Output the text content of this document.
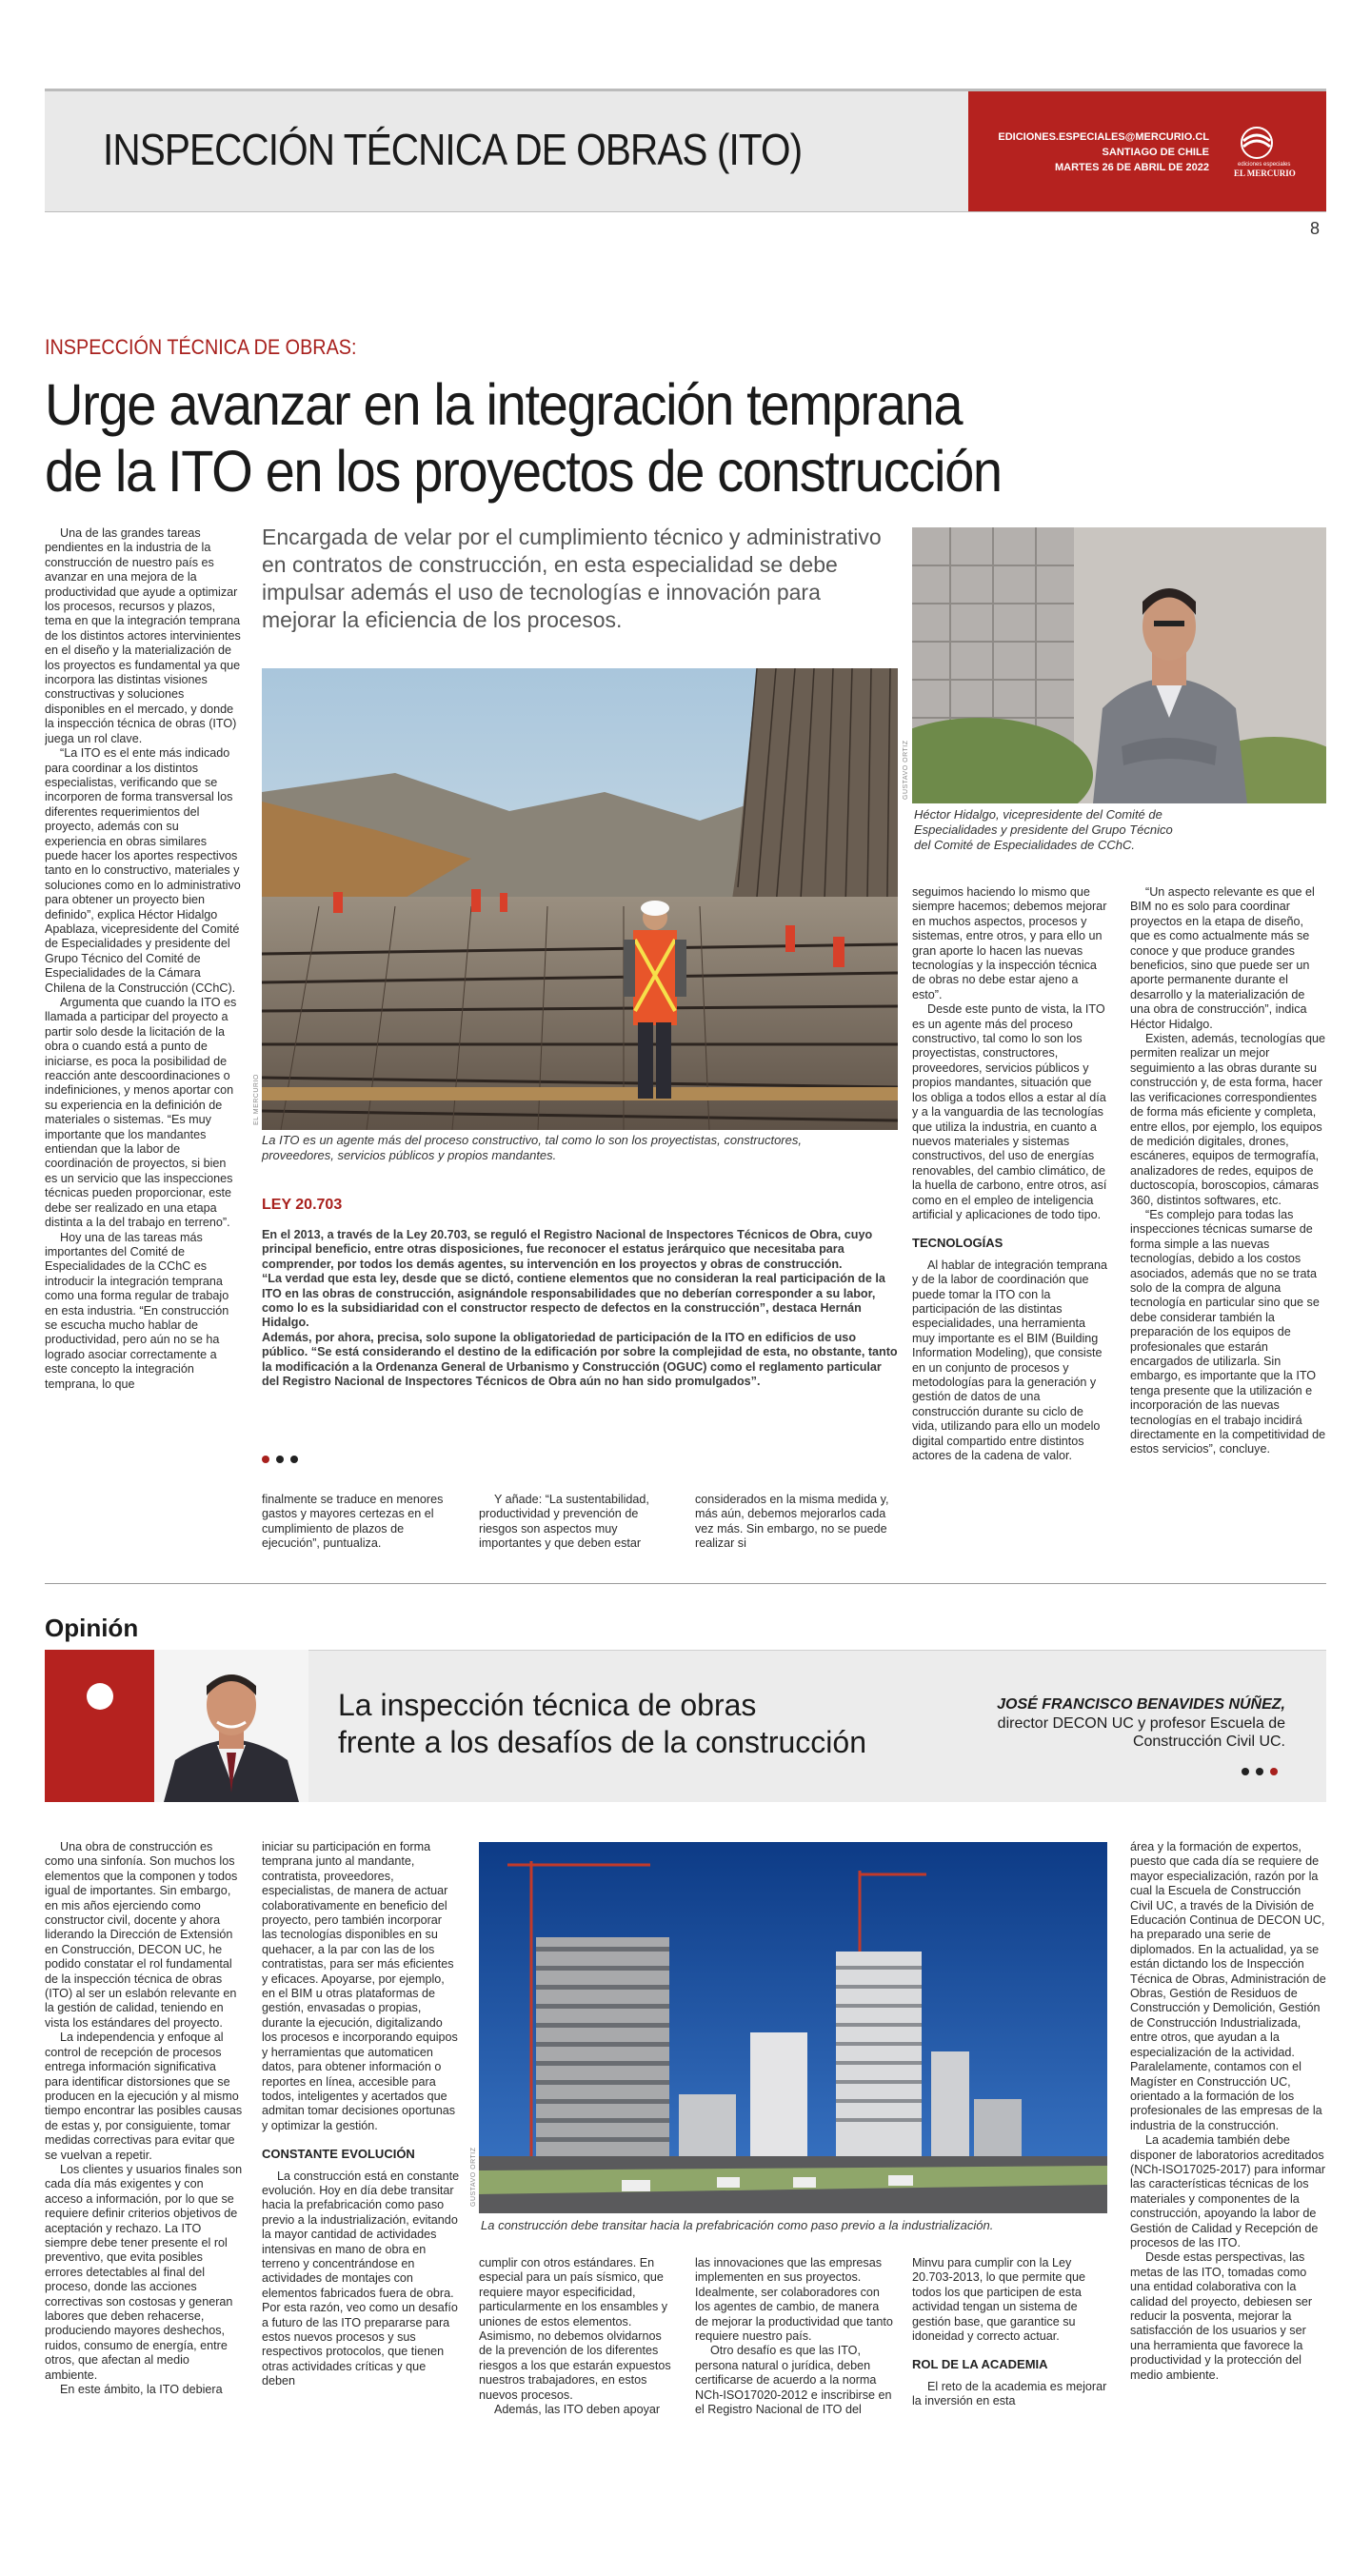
INSPECCIÓN TÉCNICA DE OBRAS (ITO)	EDICIONES.ESPECIALES@MERCURIO.CL
SANTIAGO DE CHILE
MARTES 26 DE ABRIL DE 2022	ediciones especiales
EL MERCURIO
8
INSPECCIÓN TÉCNICA DE OBRAS:
Urge avanzar en la integración temprana
de la ITO en los proyectos de construcción

Una de las grandes tareas pendientes en la industria de la construcción de nuestro país es avanzar en una mejora de la productividad que ayude a optimizar los procesos, recursos y plazos, tema en que la integración temprana de los distintos actores intervinientes en el diseño y la materialización de los proyectos es fundamental ya que incorpora las distintas visiones constructivas y soluciones disponibles en el mercado, y donde la inspección técnica de obras (ITO) juega un rol clave.

“La ITO es el ente más indicado para coordinar a los distintos especialistas, verificando que se incorporen de forma transversal los diferentes requerimientos del proyecto, además con su experiencia en obras similares puede hacer los aportes respectivos tanto en lo constructivo, materiales y soluciones como en lo administrativo para obtener un proyecto bien definido”, explica Héctor Hidalgo Apablaza, vicepresidente del Comité de Especialidades y presidente del Grupo Técnico del Comité de Especialidades de la Cámara Chilena de la Construcción (CChC).

Argumenta que cuando la ITO es llamada a participar del proyecto a partir solo desde la licitación de la obra o cuando está a punto de iniciarse, es poca la posibilidad de reacción ante descoordinaciones o indefiniciones, y menos aportar con su experiencia en la definición de materiales o sistemas. “Es muy importante que los mandantes entiendan que la labor de coordinación de proyectos, si bien es un servicio que las inspecciones técnicas pueden proporcionar, este debe ser realizado en una etapa distinta a la del trabajo en terreno”.

Hoy una de las tareas más importantes del Comité de Especialidades de la CChC es introducir la integración temprana como una forma regular de trabajo en esta industria. “En construcción se escucha mucho hablar de productividad, pero aún no se ha logrado asociar correctamente a este concepto la integración temprana, lo que

Encargada de velar por el cumplimiento técnico y administrativo en contratos de construcción, en esta especialidad se debe impulsar además el uso de tecnologías e innovación para mejorar la eficiencia de los procesos.
EL MERCURIO
La ITO es un agente más del proceso constructivo, tal como lo son los proyectistas, constructores, proveedores, servicios públicos y propios mandantes.
GUSTAVO ORTIZ
Héctor Hidalgo, vicepresidente del Comité de Especialidades y presidente del Grupo Técnico del Comité de Especialidades de CChC.
LEY 20.703

En el 2013, a través de la Ley 20.703, se reguló el Registro Nacional de Inspectores Técnicos de Obra, cuyo principal beneficio, entre otras disposiciones, fue reconocer el estatus jerárquico que necesitaba para comprender, por todos los demás agentes, su intervención en los proyectos y obras de construcción.

“La verdad que esta ley, desde que se dictó, contiene elementos que no consideran la real participación de la ITO en las obras de construcción, asignándole responsabilidades que no deberían corresponder a su labor, como lo es la subsidiaridad con el constructor respecto de defectos en la construcción”, destaca Hernán Hidalgo.

Además, por ahora, precisa, solo supone la obligatoriedad de participación de la ITO en edificios de uso público. “Se está considerando el destino de la edificación por sobre la complejidad de esta, no obstante, tanto la modificación a la Ordenanza General de Urbanismo y Construcción (OGUC) como el reglamento particular del Registro Nacional de Inspectores Técnicos de Obra aún no han sido promulgados”.

finalmente se traduce en menores gastos y mayores certezas en el cumplimiento de plazos de ejecución”, puntualiza.

Y añade: “La sustentabilidad, productividad y prevención de riesgos son aspectos muy importantes y que deben estar

considerados en la misma medida y, más aún, debemos mejorarlos cada vez más. Sin embargo, no se puede realizar si

seguimos haciendo lo mismo que siempre hacemos; debemos mejorar en muchos aspectos, procesos y sistemas, entre otros, y para ello un gran aporte lo hacen las nuevas tecnologías y la inspección técnica de obras no debe estar ajeno a esto”.

Desde este punto de vista, la ITO es un agente más del proceso constructivo, tal como lo son los proyectistas, constructores, proveedores, servicios públicos y propios mandantes, situación que los obliga a todos ellos a estar al día y a la vanguardia de las tecnologías que utiliza la industria, en cuanto a nuevos materiales y sistemas constructivos, del uso de energías renovables, del cambio climático, de la huella de carbono, entre otros, así como en el empleo de inteligencia artificial y aplicaciones de todo tipo.

TECNOLOGÍAS

Al hablar de integración temprana y de la labor de coordinación que puede tomar la ITO con la participación de las distintas especialidades, una herramienta muy importante es el BIM (Building Information Modeling), que consiste en un conjunto de procesos y metodologías para la generación y gestión de datos de una construcción durante su ciclo de vida, utilizando para ello un modelo digital compartido entre distintos actores de la cadena de valor.

“Un aspecto relevante es que el BIM no es solo para coordinar proyectos en la etapa de diseño, que es como actualmente más se conoce y que produce grandes beneficios, sino que puede ser un aporte permanente durante el desarrollo y la materialización de una obra de construcción”, indica Héctor Hidalgo.

Existen, además, tecnologías que permiten realizar un mejor seguimiento a las obras durante su construcción y, de esta forma, hacer las verificaciones correspondientes de forma más eficiente y completa, entre ellos, por ejemplo, los equipos de medición digitales, drones, escáneres, equipos de termografía, analizadores de redes, equipos de ductoscopía, boroscopios, cámaras 360, distintos softwares, etc.

“Es complejo para todas las inspecciones técnicas sumarse de forma simple a las nuevas tecnologías, debido a los costos asociados, además que no se trata solo de la compra de alguna tecnología en particular sino que se debe considerar también la preparación de los equipos de profesionales que estarán encargados de utilizarla. Sin embargo, es importante que la ITO tenga presente que la utilización e incorporación de las nuevas tecnologías en el trabajo incidirá directamente en la competitividad de estos servicios”, concluye.

Opinión
La inspección técnica de obras
frente a los desafíos de la construcción
JOSÉ FRANCISCO BENAVIDES NÚÑEZ,
director DECON UC y profesor Escuela de
Construcción Civil UC.

Una obra de construcción es como una sinfonía. Son muchos los elementos que la componen y todos igual de importantes. Sin embargo, en mis años ejerciendo como constructor civil, docente y ahora liderando la Dirección de Extensión en Construcción, DECON UC, he podido constatar el rol fundamental de la inspección técnica de obras (ITO) al ser un eslabón relevante en la gestión de calidad, teniendo en vista los estándares del proyecto.

La independencia y enfoque al control de recepción de procesos entrega información significativa para identificar distorsiones que se producen en la ejecución y al mismo tiempo encontrar las posibles causas de estas y, por consiguiente, tomar medidas correctivas para evitar que se vuelvan a repetir.

Los clientes y usuarios finales son cada día más exigentes y con acceso a información, por lo que se requiere definir criterios objetivos de aceptación y rechazo. La ITO siempre debe tener presente el rol preventivo, que evita posibles errores detectables al final del proceso, donde las acciones correctivas son costosas y generan labores que deben rehacerse, produciendo mayores deshechos, ruidos, consumo de energía, entre otros, que afectan al medio ambiente.

En este ámbito, la ITO debiera

iniciar su participación en forma temprana junto al mandante, contratista, proveedores, especialistas, de manera de actuar colaborativamente en beneficio del proyecto, pero también incorporar las tecnologías disponibles en su quehacer, a la par con las de los contratistas, para ser más eficientes y eficaces. Apoyarse, por ejemplo, en el BIM u otras plataformas de gestión, envasadas o propias, durante la ejecución, digitalizando los procesos e incorporando equipos y herramientas que automaticen datos, para obtener información o reportes en línea, accesible para todos, inteligentes y acertados que admitan tomar decisiones oportunas y optimizar la gestión.

CONSTANTE EVOLUCIÓN

La construcción está en constante evolución. Hoy en día debe transitar hacia la prefabricación como paso previo a la industrialización, evitando la mayor cantidad de actividades intensivas en mano de obra en terreno y concentrándose en actividades de montajes con elementos fabricados fuera de obra. Por esta razón, veo como un desafío a futuro de las ITO prepararse para estos nuevos procesos y sus respectivos protocolos, que tienen otras actividades críticas y que deben

GUSTAVO ORTIZ
La construcción debe transitar hacia la prefabricación como paso previo a la industrialización.

cumplir con otros estándares. En especial para un país sísmico, que requiere mayor especificidad, particularmente en los ensambles y uniones de estos elementos. Asimismo, no debemos olvidarnos de la prevención de los diferentes riesgos a los que estarán expuestos nuestros trabajadores, en estos nuevos procesos.

Además, las ITO deben apoyar

las innovaciones que las empresas implementen en sus proyectos. Idealmente, ser colaboradores con los agentes de cambio, de manera de mejorar la productividad que tanto requiere nuestro país.

Otro desafío es que las ITO, persona natural o jurídica, deben certificarse de acuerdo a la norma NCh-ISO17020-2012 e inscribirse en el Registro Nacional de ITO del

Minvu para cumplir con la Ley 20.703-2013, lo que permite que todos los que participen de esta actividad tengan un sistema de gestión base, que garantice su idoneidad y correcto actuar.

ROL DE LA ACADEMIA

El reto de la academia es mejorar la inversión en esta

área y la formación de expertos, puesto que cada día se requiere de mayor especialización, razón por la cual la Escuela de Construcción Civil UC, a través de la División de Educación Continua de DECON UC, ha preparado una serie de diplomados. En la actualidad, ya se están dictando los de Inspección Técnica de Obras, Administración de Obras, Gestión de Residuos de Construcción y Demolición, Gestión de Construcción Industrializada, entre otros, que ayudan a la especialización de la actividad. Paralelamente, contamos con el Magíster en Construcción UC, orientado a la formación de los profesionales de las empresas de la industria de la construcción.

La academia también debe disponer de laboratorios acreditados (NCh-ISO17025-2017) para informar las características técnicas de los materiales y componentes de la construcción, apoyando la labor de Gestión de Calidad y Recepción de procesos de las ITO.

Desde estas perspectivas, las metas de las ITO, tomadas como una entidad colaborativa con la calidad del proyecto, debiesen ser reducir la posventa, mejorar la satisfacción de los usuarios y ser una herramienta que favorece la productividad y la protección del medio ambiente.
